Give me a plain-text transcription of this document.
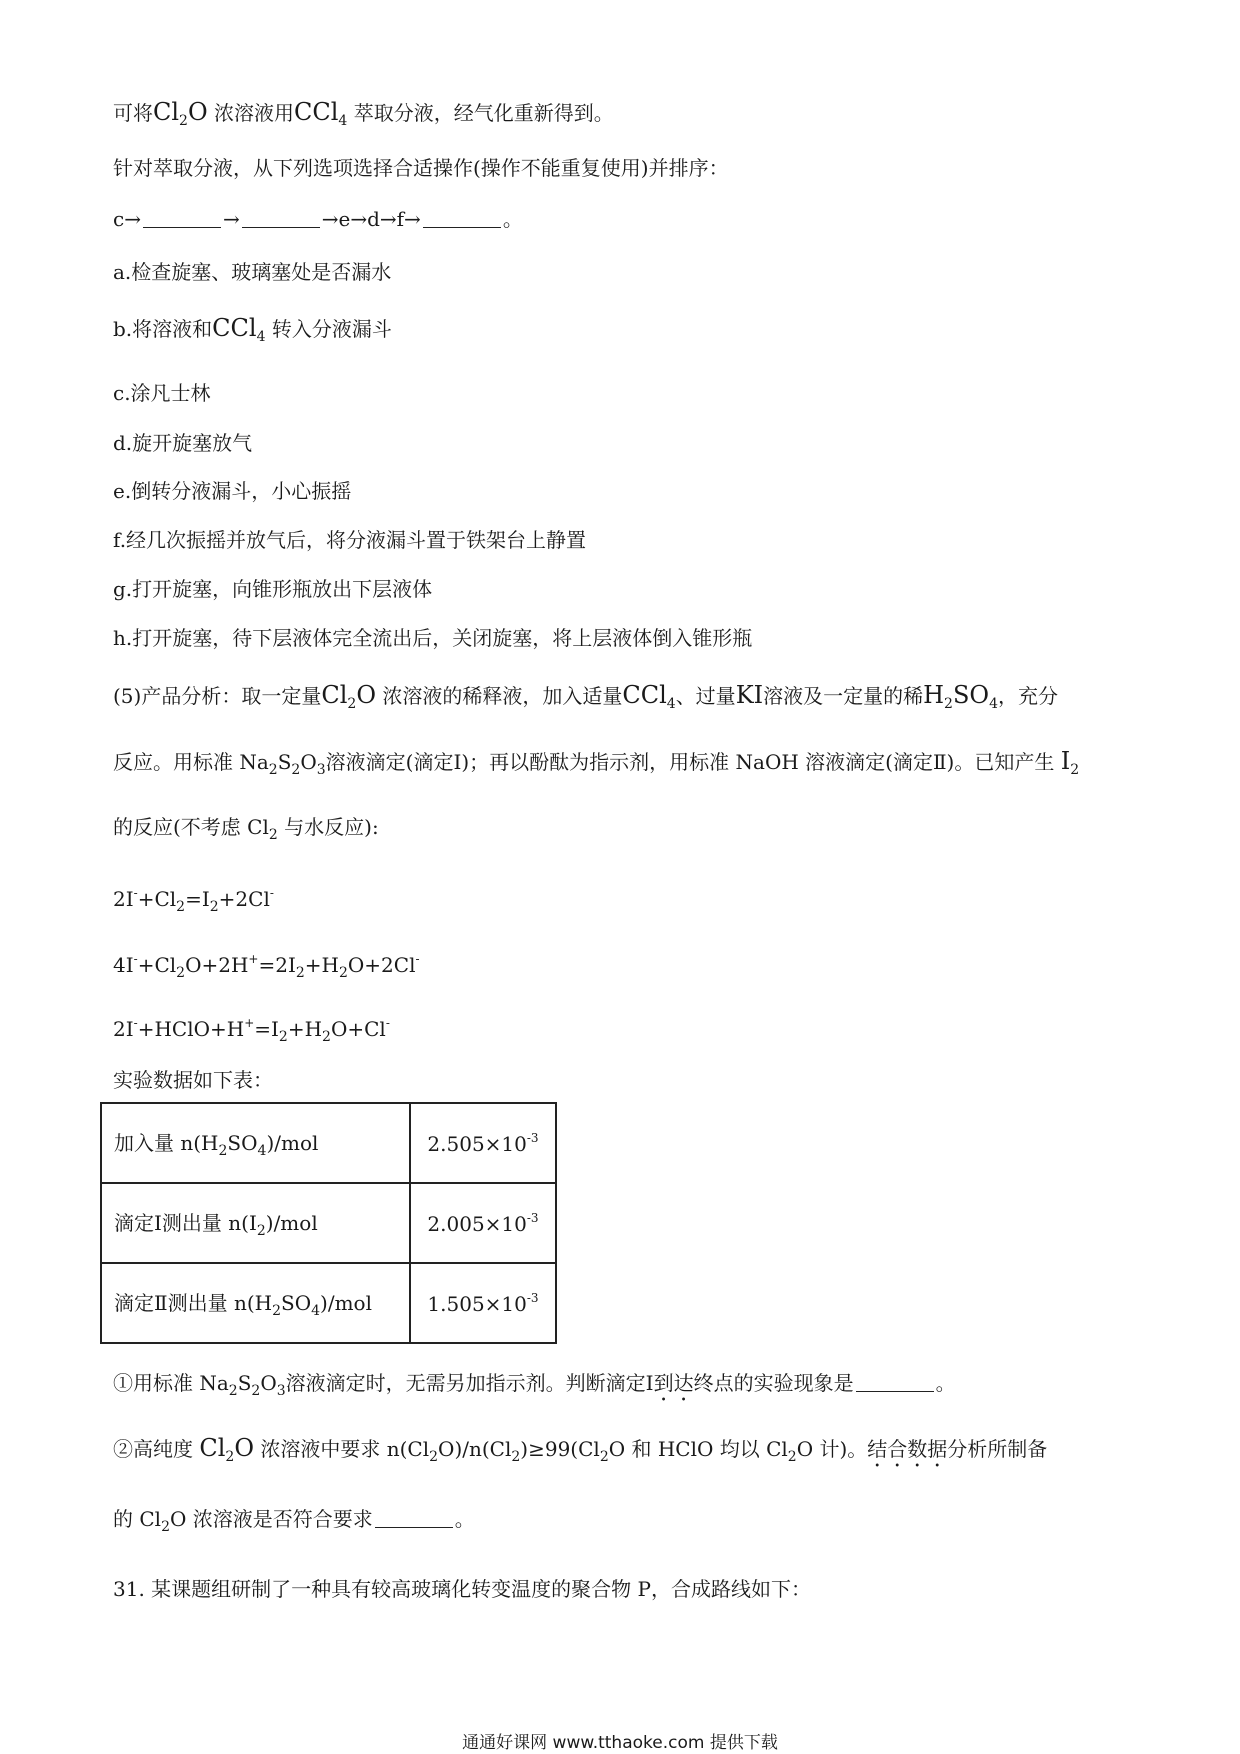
可将$Cl_2O$ 浓溶液用CCl$_4$ 萃取分液，经气化重新得到。
针对萃取分液，从下列选项选择合适操作(操作不能重复使用)并排序：
c→	→	→e→d→f→	。
a.检查旋塞、玻璃塞处是否漏水
b.将溶液和CCl$_4$ 转入分液漏斗
c.涂凡士林
d.旋开旋塞放气
e.倒转分液漏斗，小心振摇
f.经几次振摇并放气后，将分液漏斗置于铁架台上静置
g.打开旋塞，向锥形瓶放出下层液体
h.打开旋塞，待下层液体完全流出后，关闭旋塞，将上层液体倒入锥形瓶
(5)产品分析：取一定量$Cl_2O$ 浓溶液的稀释液，加入适量CCl$_4$、过量KI溶液及一定量的稀$H_2SO_4$，充分
反应。用标准 $Na_2S_2O_3$溶液滴定(滴定Ⅰ)；再以酚酞为指示剂，用标准 NaOH 溶液滴定(滴定Ⅱ)。已知产生 $I_2$
的反应(不考虑 $Cl_2$ 与水反应):
$2I^-+Cl_2=I_2+2Cl^-$
$4I^-+Cl_2O+2H^+=2I_2+H_2O+2Cl^-$
$2I^-+HClO+H^+=I_2+H_2O+Cl^-$
实验数据如下表：
加入量 $n(H_2SO_4)$/mol	$2.505\times 10^{-3}$
滴定Ⅰ测出量 $n(I_2)$/mol	$2.005\times 10^{-3}$
滴定Ⅱ测出量 $n(H_2SO_4)$/mol	$1.505\times 10^{-3}$
①用标准 $Na_2S_2O_3$溶液滴定时，无需另加指示剂。判断滴定Ⅰ到达终点的实验现象是	。
②高纯度 $Cl_2O$ 浓溶液中要求 $n(Cl_2O)/n(Cl_2)\ge 99(Cl_2O$ 和 HClO 均以 $Cl_2O$ 计)。结合数据分析所制备
的 $Cl_2O$ 浓溶液是否符合要求	。
31. 某课题组研制了一种具有较高玻璃化转变温度的聚合物 P，合成路线如下：
通通好课网 www.tthaoke.com 提供下载
